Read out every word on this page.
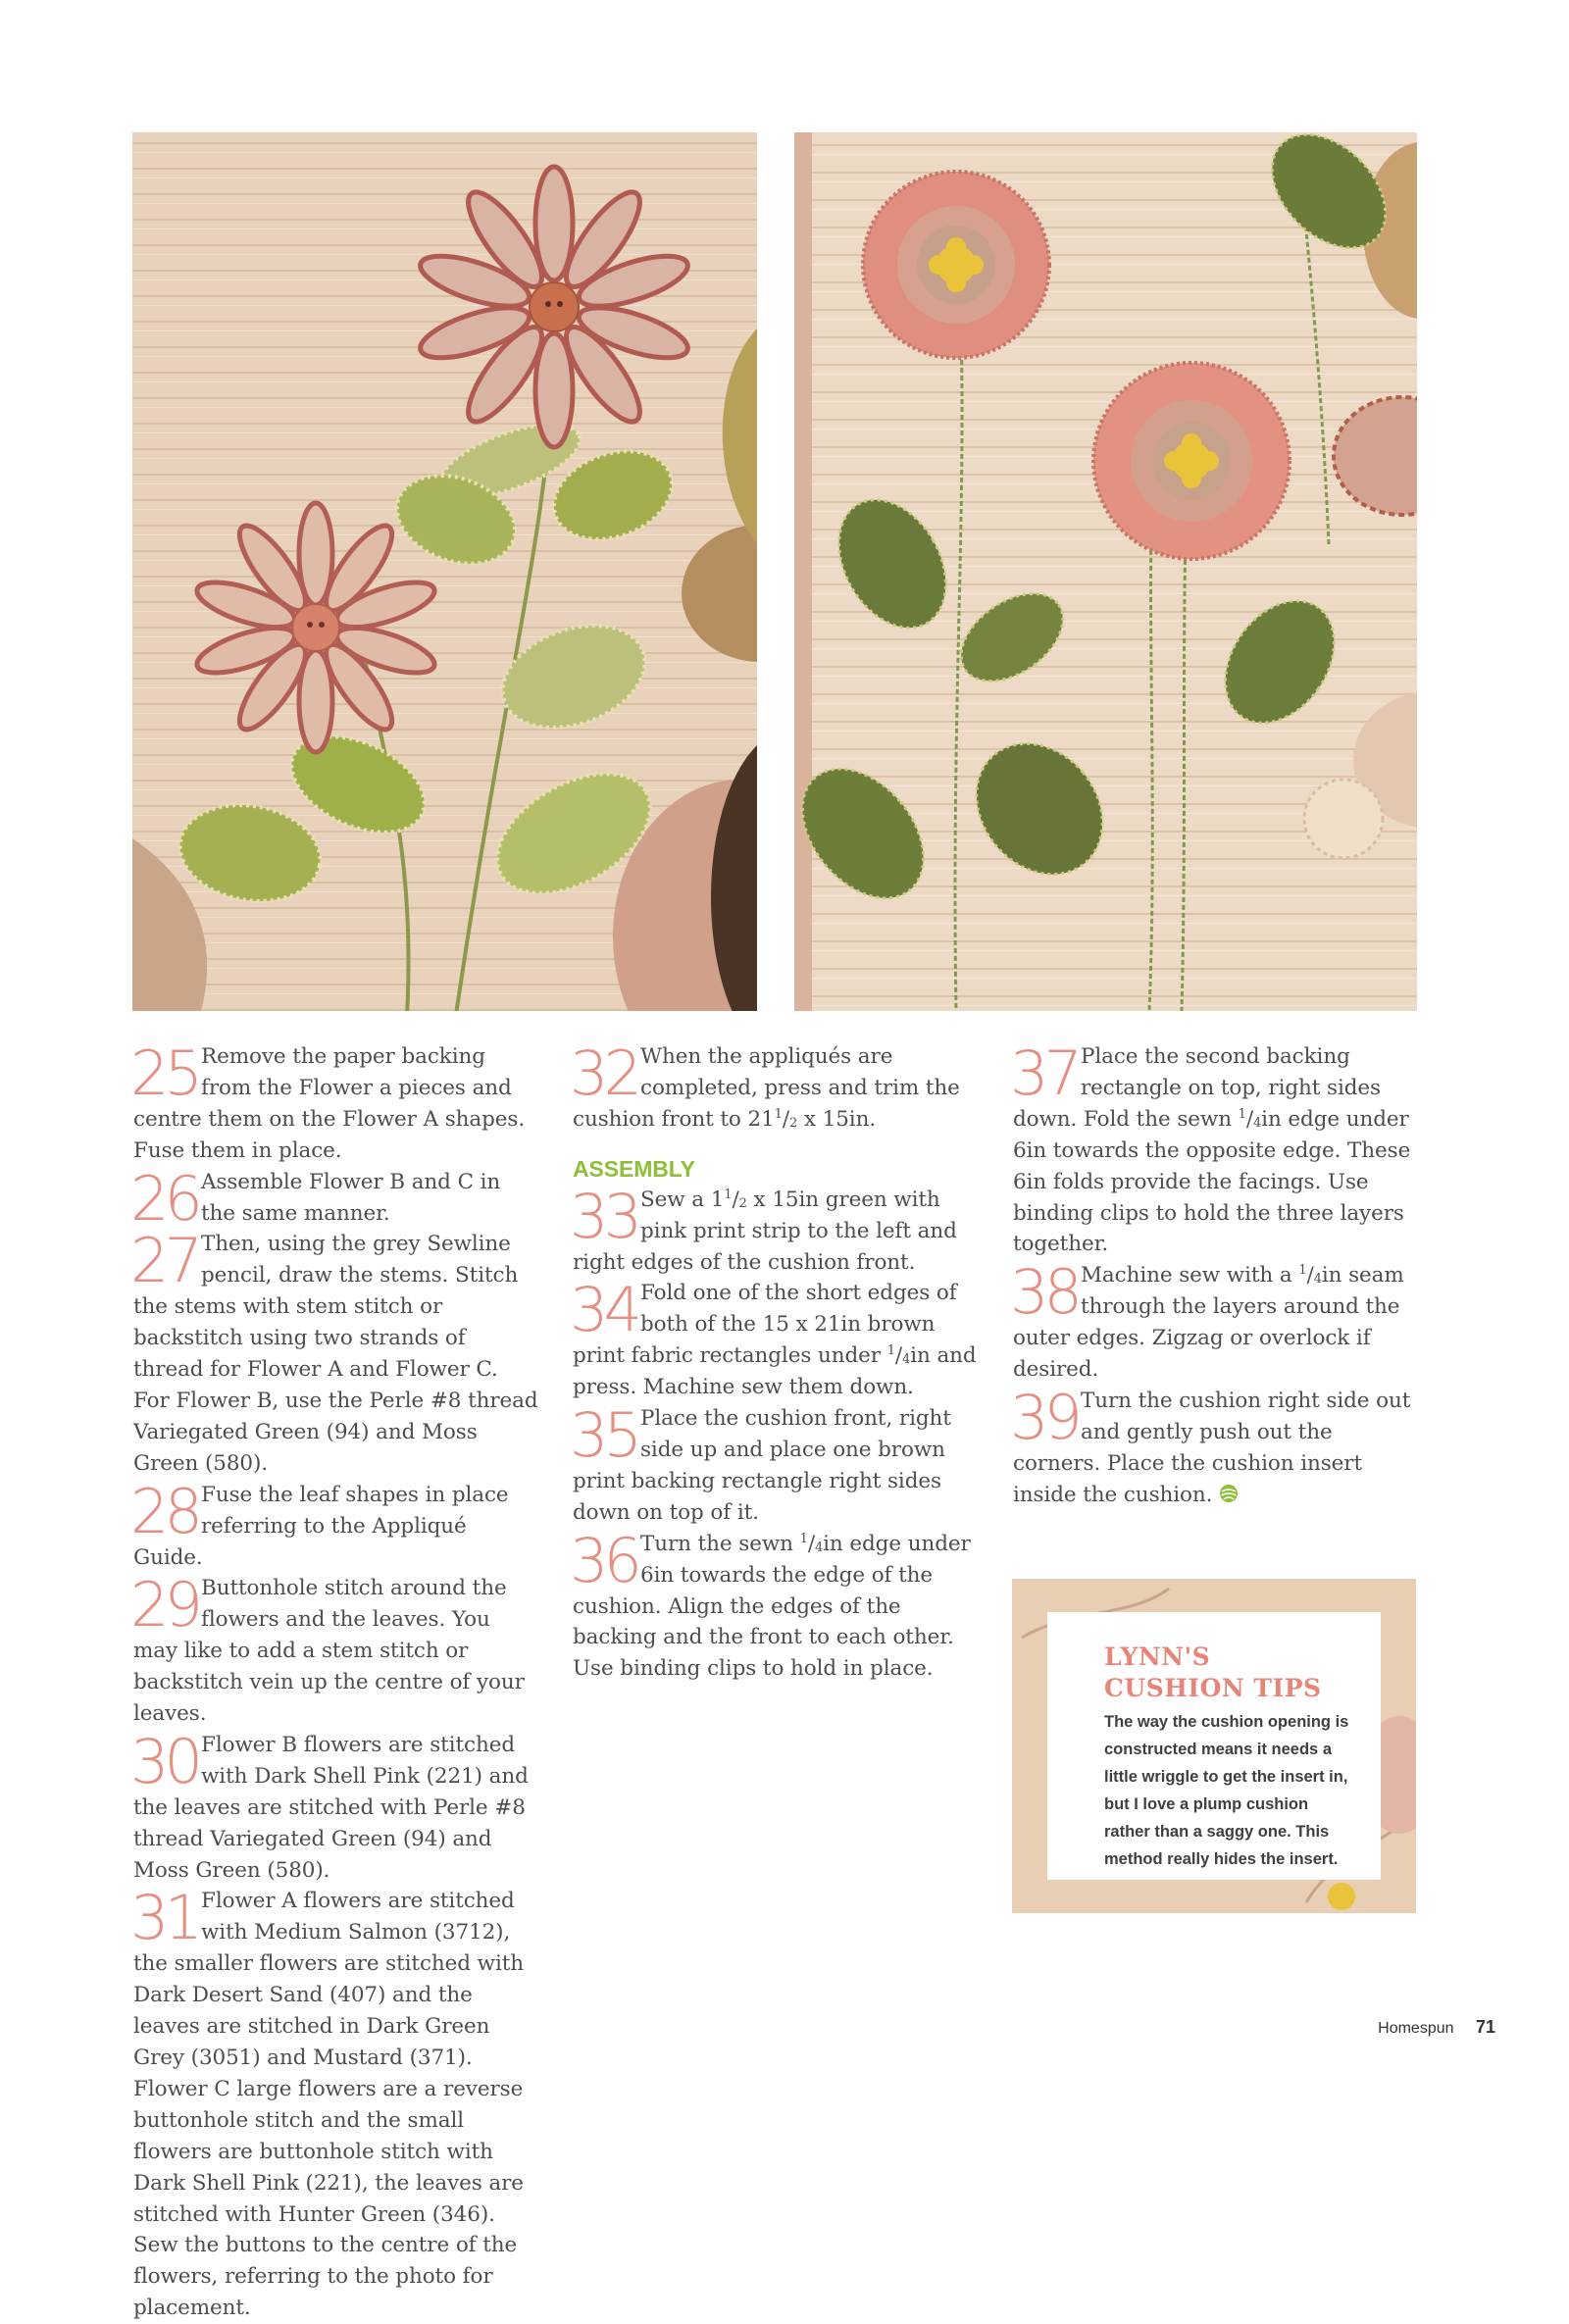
25 Remove the paper backing from the Flower a pieces and centre them on the Flower A shapes. Fuse them in place.
26 Assemble Flower B and C in the same manner.
27 Then, using the grey Sewline pencil, draw the stems. Stitch the stems with stem stitch or backstitch using two strands of thread for Flower A and Flower C. For Flower B, use the Perle #8 thread Variegated Green (94) and Moss Green (580).
28 Fuse the leaf shapes in place referring to the Appliqué Guide.
29 Buttonhole stitch around the flowers and the leaves. You may like to add a stem stitch or backstitch vein up the centre of your leaves.
30 Flower B flowers are stitched with Dark Shell Pink (221) and the leaves are stitched with Perle #8 thread Variegated Green (94) and Moss Green (580).
31 Flower A flowers are stitched with Medium Salmon (3712), the smaller flowers are stitched with Dark Desert Sand (407) and the leaves are stitched in Dark Green Grey (3051) and Mustard (371). Flower C large flowers are a reverse buttonhole stitch and the small flowers are buttonhole stitch with Dark Shell Pink (221), the leaves are stitched with Hunter Green (346). Sew the buttons to the centre of the flowers, referring to the photo for placement.
32 When the appliqués are completed, press and trim the cushion front to $21^1/_2$ x 15in.
ASSEMBLY
33 Sew a $1^1/_2$ x 15in green with pink print strip to the left and right edges of the cushion front.
34 Fold one of the short edges of both of the 15 x 21in brown print fabric rectangles under $^1/_4in$ and press. Machine sew them down.
35 Place the cushion front, right side up and place one brown print backing rectangle right sides down on top of it.
36 Turn the sewn $^1/_4in$ edge under 6in towards the edge of the cushion. Align the edges of the backing and the front to each other. Use binding clips to hold in place.
37 Place the second backing rectangle on top, right sides down. Fold the sewn $^1/_4in$ edge under 6in towards the opposite edge. These 6in folds provide the facings. Use binding clips to hold the three layers together.
38 Machine sew with a $^1/_4in$ seam through the layers around the outer edges. Zigzag or overlock if desired.
39 Turn the cushion right side out and gently push out the corners. Place the cushion insert inside the cushion.
LYNN'S
CUSHION TIPS
The way the cushion opening is constructed means it needs a little wriggle to get the insert in, but I love a plump cushion rather than a saggy one. This method really hides the insert.
Homespun 71
